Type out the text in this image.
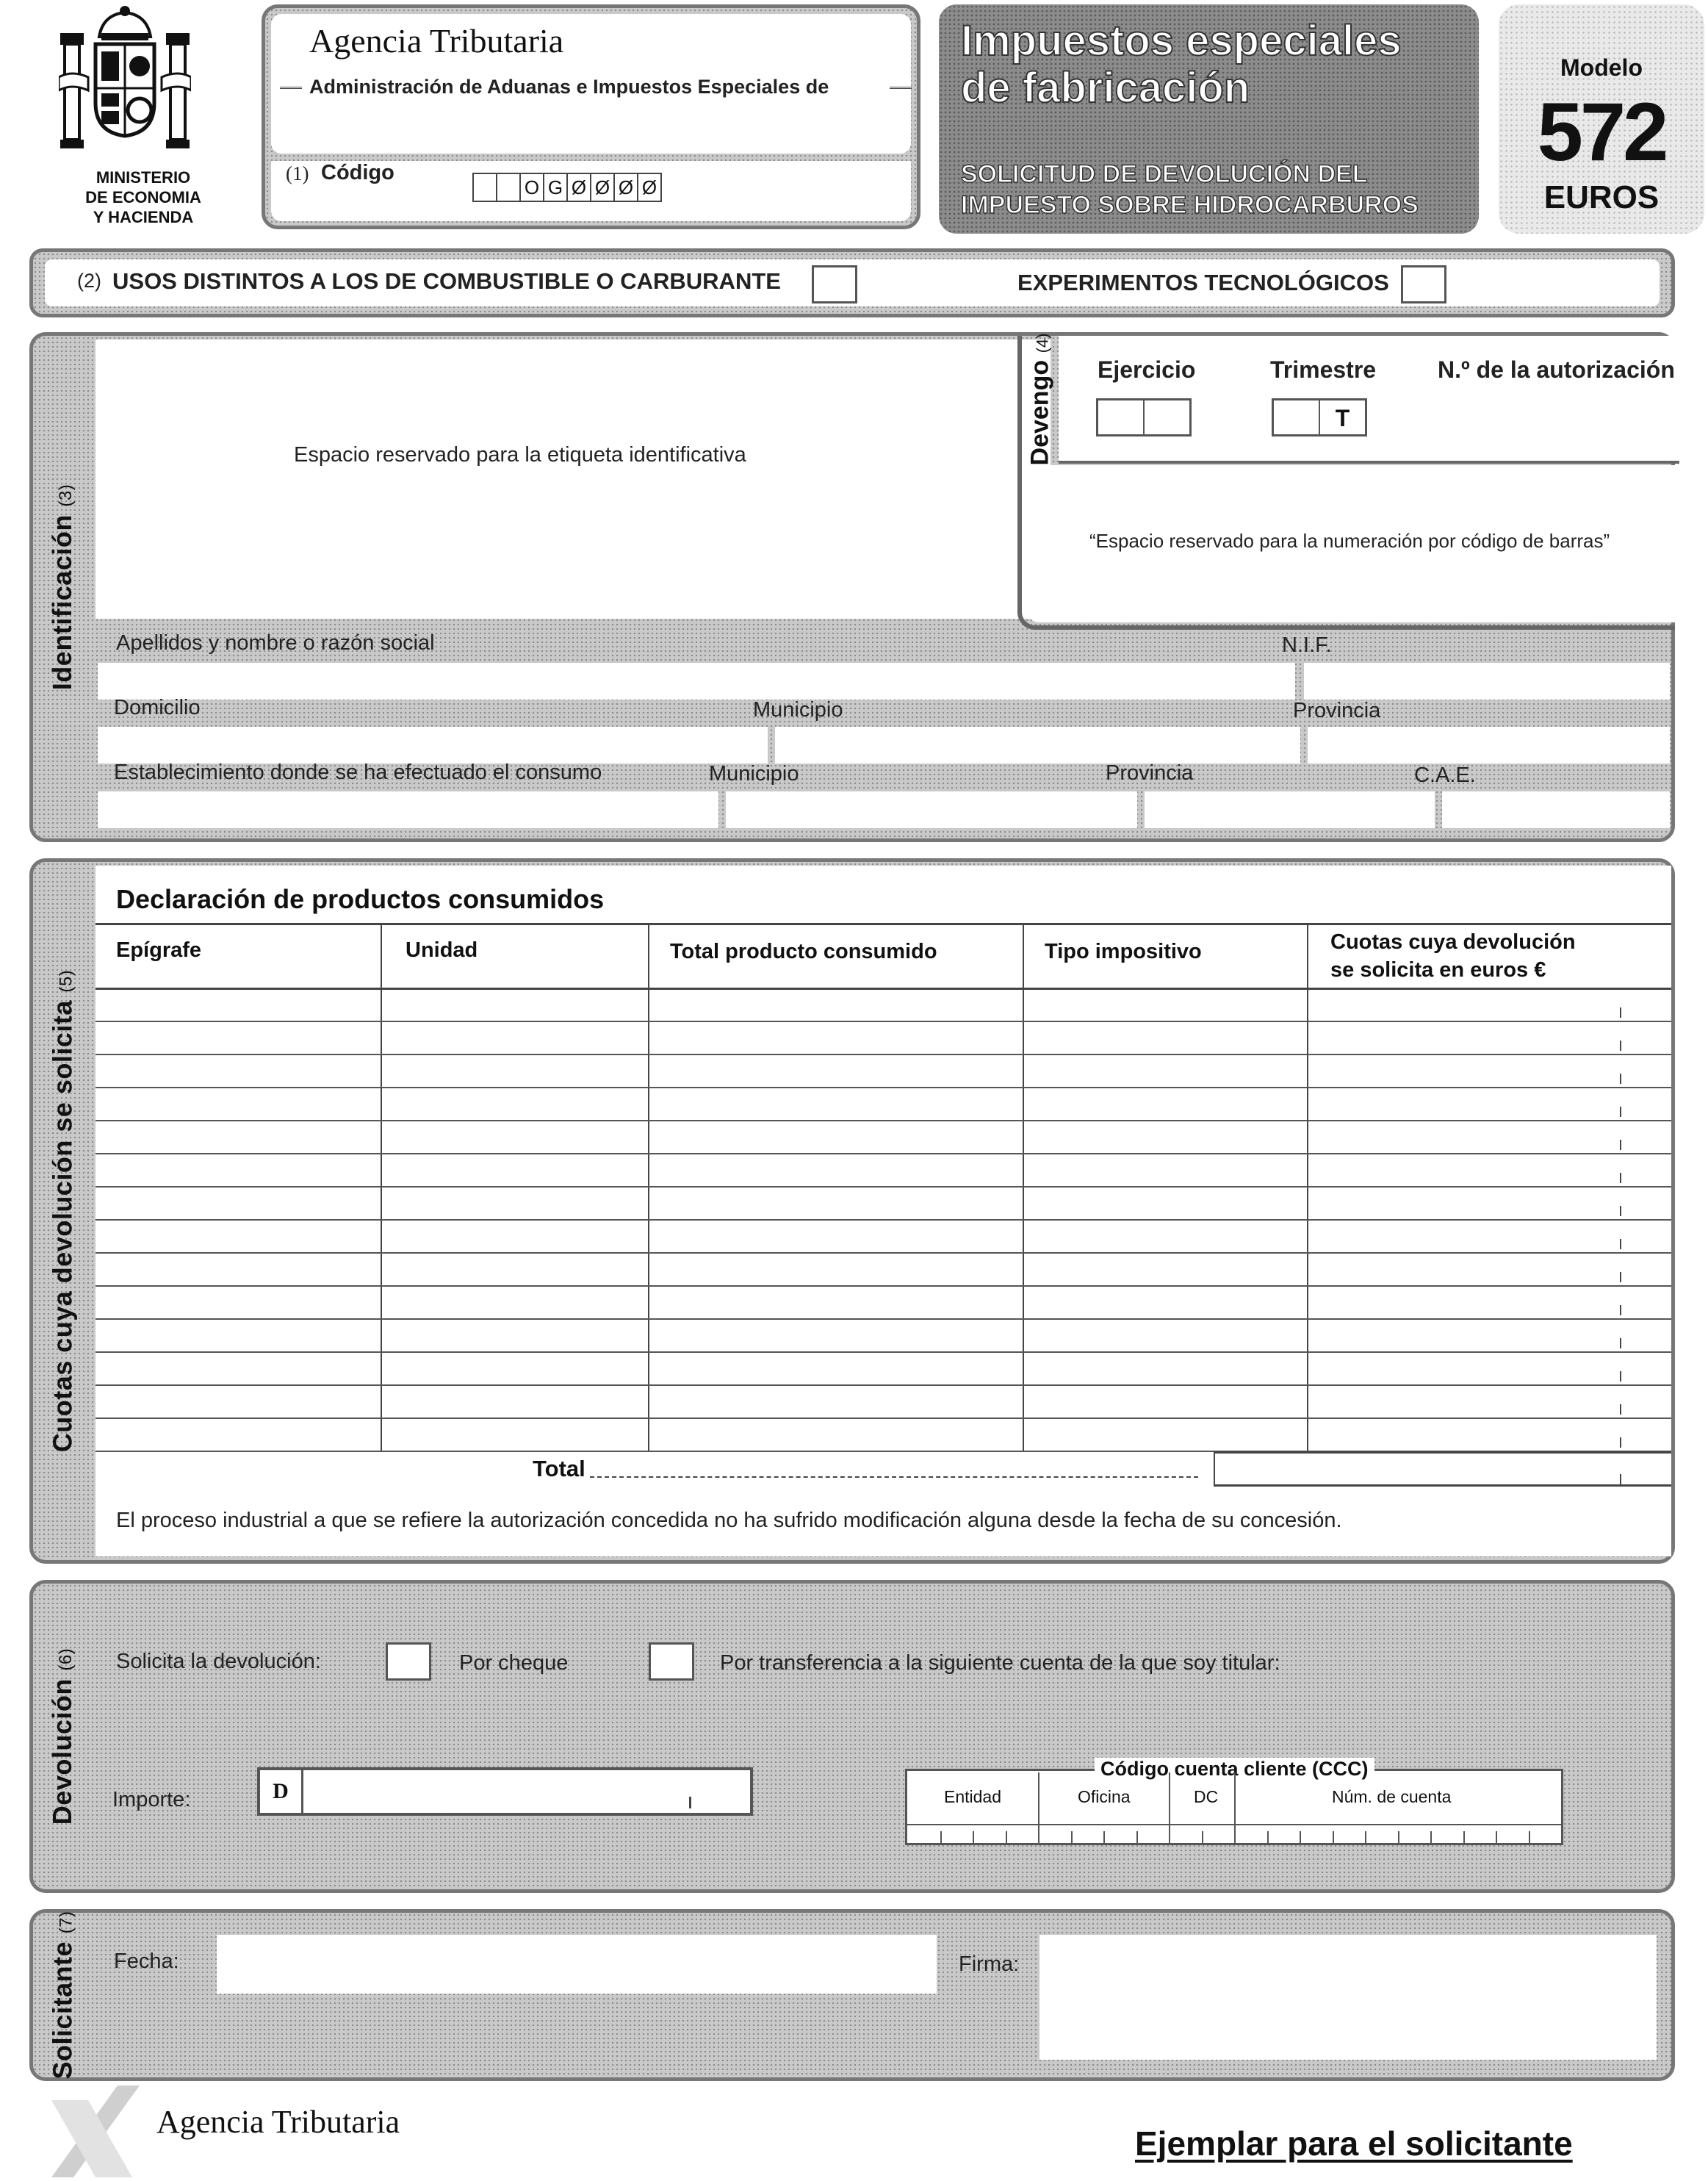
MINISTERIO
DE ECONOMIA
Y HACIENDA
Agencia Tributaria
Administración de Aduanas e Impuestos Especiales de
(1) Código
O G Ø Ø Ø Ø
Impuestos especiales
de fabricación
SOLICITUD DE DEVOLUCIÓN DEL
IMPUESTO SOBRE HIDROCARBUROS
Modelo
572
EUROS
(2) USOS DISTINTOS A LOS DE COMBUSTIBLE O CARBURANTE	EXPERIMENTOS TECNOLÓGICOS
Identificación (3)
Espacio reservado para la etiqueta identificativa	Devengo (4)
Ejercicio	Trimestre
T
N.º de la autorización
“Espacio reservado para la numeración por código de barras”
Apellidos y nombre o razón social	N.I.F.
Domicilio	Municipio	Provincia
Establecimiento donde se ha efectuado el consumo	Municipio	Provincia	C.A.E.
Cuotas cuya devolución se solicita (5)
Declaración de productos consumidos
Epígrafe	Unidad	Total producto consumido	Tipo impositivo	Cuotas cuya devolución se solicita en euros €

Total
El proceso industrial a que se refiere la autorización concedida no ha sufrido modificación alguna desde la fecha de su concesión.
Devolución (6) Solicita la devolución:	Por cheque	Por transferencia a la siguiente cuenta de la que soy titular:
Importe:	D
Código cuenta cliente (CCC)
Entidad	Oficina	DC	Núm. de cuenta
Solicitante (7)
Fecha:	Firma:
Agencia Tributaria
Ejemplar para el solicitante
